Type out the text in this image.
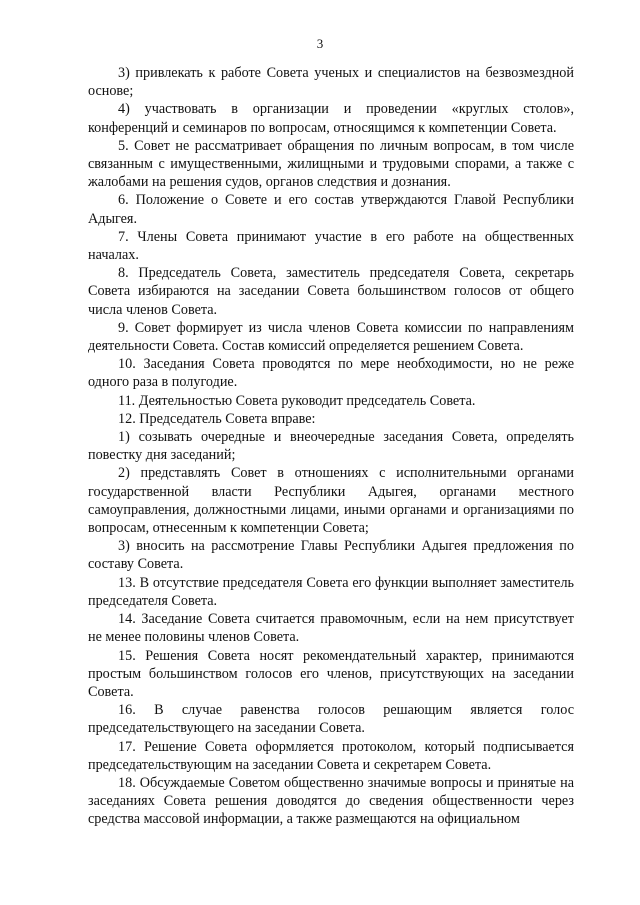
3

3) привлекать к работе Совета ученых и специалистов на безвозмездной основе;

4) участвовать в организации и проведении «круглых столов», конференций и семинаров по вопросам, относящимся к компетенции Совета.

5. Совет не рассматривает обращения по личным вопросам, в том числе связанным с имущественными, жилищными и трудовыми спорами, а также с жалобами на решения судов, органов следствия и дознания.

6. Положение о Совете и его состав утверждаются Главой Республики Адыгея.

7. Члены Совета принимают участие в его работе на общественных началах.

8. Председатель Совета, заместитель председателя Совета, секретарь Совета избираются на заседании Совета большинством голосов от общего числа членов Совета.

9. Совет формирует из числа членов Совета комиссии по направлениям деятельности Совета. Состав комиссий определяется решением Совета.

10. Заседания Совета проводятся по мере необходимости, но не реже одного раза в полугодие.

11. Деятельностью Совета руководит председатель Совета.

12. Председатель Совета вправе:

1) созывать очередные и внеочередные заседания Совета, определять повестку дня заседаний;

2) представлять Совет в отношениях с исполнительными органами государственной власти Республики Адыгея, органами местного самоуправления, должностными лицами, иными органами и организациями по вопросам, отнесенным к компетенции Совета;

3) вносить на рассмотрение Главы Республики Адыгея предложения по составу Совета.

13. В отсутствие председателя Совета его функции выполняет заместитель председателя Совета.

14. Заседание Совета считается правомочным, если на нем присутствует не менее половины членов Совета.

15. Решения Совета носят рекомендательный характер, принимаются простым большинством голосов его членов, присутствующих на заседании Совета.

16. В случае равенства голосов решающим является голос председательствующего на заседании Совета.

17. Решение Совета оформляется протоколом, который подписывается председательствующим на заседании Совета и секретарем Совета.

18. Обсуждаемые Советом общественно значимые вопросы и принятые на заседаниях Совета решения доводятся до сведения общественности через средства массовой информации, а также размещаются на официальном
